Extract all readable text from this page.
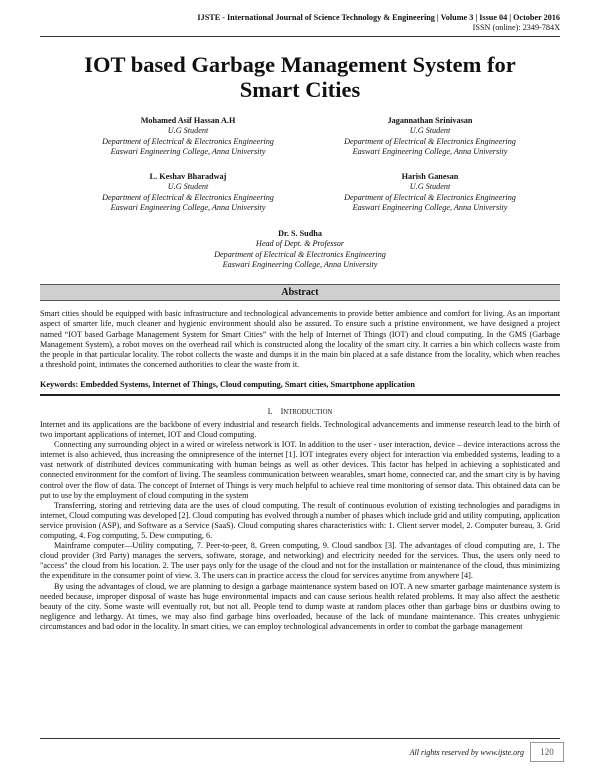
IJSTE - International Journal of Science Technology & Engineering | Volume 3 | Issue 04 | October 2016
ISSN (online): 2349-784X
IOT based Garbage Management System for
Smart Cities
Mohamed Asif Hassan A.H
U.G Student
Department of Electrical & Electronics Engineering
Easwari Engineering College, Anna University
Jagannathan Srinivasan
U.G Student
Department of Electrical & Electronics Engineering
Easwari Engineering College, Anna University
L. Keshav Bharadwaj
U.G Student
Department of Electrical & Electronics Engineering
Easwari Engineering College, Anna University
Harish Ganesan
U.G Student
Department of Electrical & Electronics Engineering
Easwari Engineering College, Anna University
Dr. S. Sudha
Head of Dept. & Professor
Department of Electrical & Electronics Engineering
Easwari Engineering College, Anna University
Abstract
Smart cities should be equipped with basic infrastructure and technological advancements to provide better ambience and comfort for living. As an important aspect of smarter life, much cleaner and hygienic environment should also be assured. To ensure such a pristine environment, we have designed a project named “IOT based Garbage Management System for Smart Cities” with the help of Internet of Things (IOT) and cloud computing. In the GMS (Garbage Management System), a robot moves on the overhead rail which is constructed along the locality of the smart city. It carries a bin which collects waste from the people in that particular locality. The robot collects the waste and dumps it in the main bin placed at a safe distance from the locality, which when reaches a threshold point, intimates the concerned authorities to clear the waste from it.
Keywords: Embedded Systems, Internet of Things, Cloud computing, Smart cities, Smartphone application
I. INTRODUCTION

Internet and its applications are the backbone of every industrial and research fields. Technological advancements and immense research lead to the birth of two important applications of internet, IOT and Cloud computing.

Connecting any surrounding object in a wired or wireless network is IOT. In addition to the user - user interaction, device – device interactions across the internet is also achieved, thus increasing the omnipresence of the internet [1]. IOT integrates every object for interaction via embedded systems, leading to a vast network of distributed devices communicating with human beings as well as other devices. This factor has helped in achieving a sophisticated and connected environment for the comfort of living. The seamless communication between wearables, smart home, connected car, and the smart city is by having control over the flow of data. The concept of Internet of Things is very much helpful to achieve real time monitoring of sensor data. This obtained data can be put to use by the employment of cloud computing in the system

Transferring, storing and retrieving data are the uses of cloud computing. The result of continuous evolution of existing technologies and paradigms in internet, Cloud computing was developed [2]. Cloud computing has evolved through a number of phases which include grid and utility computing, application service provision (ASP), and Software as a Service (SaaS). Cloud computing shares characteristics with: 1. Client server model, 2. Computer bureau, 3. Grid computing, 4. Fog computing, 5. Dew computing, 6.

Mainframe computer—Utility computing, 7. Peer-to-peer, 8. Green computing, 9. Cloud sandbox [3]. The advantages of cloud computing are, 1. The cloud provider (3rd Party) manages the servers, software, storage, and networking) and electricity needed for the services. Thus, the users only need to "access" the cloud from his location. 2. The user pays only for the usage of the cloud and not for the installation or maintenance of the cloud, thus minimizing the expenditure in the consumer point of view. 3. The users can in practice access the cloud for services anytime from anywhere [4].

By using the advantages of cloud, we are planning to design a garbage maintenance system based on IOT. A new smarter garbage maintenance system is needed because, improper disposal of waste has huge environmental impacts and can cause serious health related problems. It may also affect the aesthetic beauty of the city. Some waste will eventually rot, but not all. People tend to dump waste at random places other than garbage bins or dustbins owing to negligence and lethargy. At times, we may also find garbage bins overloaded, because of the lack of mundane maintenance. This creates unhygienic circumstances and bad odor in the locality. In smart cities, we can employ technological advancements in order to combat the garbage management

All rights reserved by www.ijste.org	120
